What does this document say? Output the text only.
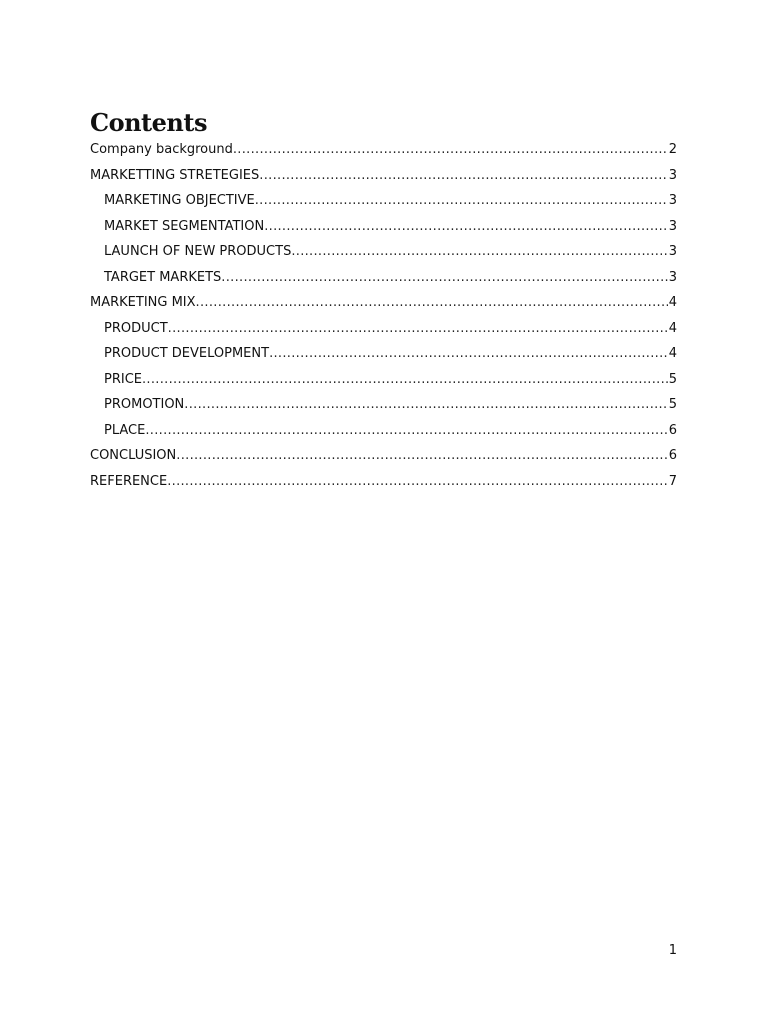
Contents
Company background .....	2
MARKETTING STRETEGIES .....	3
MARKETING OBJECTIVE .....	3
MARKET SEGMENTATION .....	3
LAUNCH OF NEW PRODUCTS .....	3
TARGET MARKETS .....	3
MARKETING MIX .....	4
PRODUCT .....	4
PRODUCT DEVELOPMENT .....	4
PRICE .....	5
PROMOTION .....	5
PLACE .....	6
CONCLUSION .....	6
REFERENCE .....	7
1
